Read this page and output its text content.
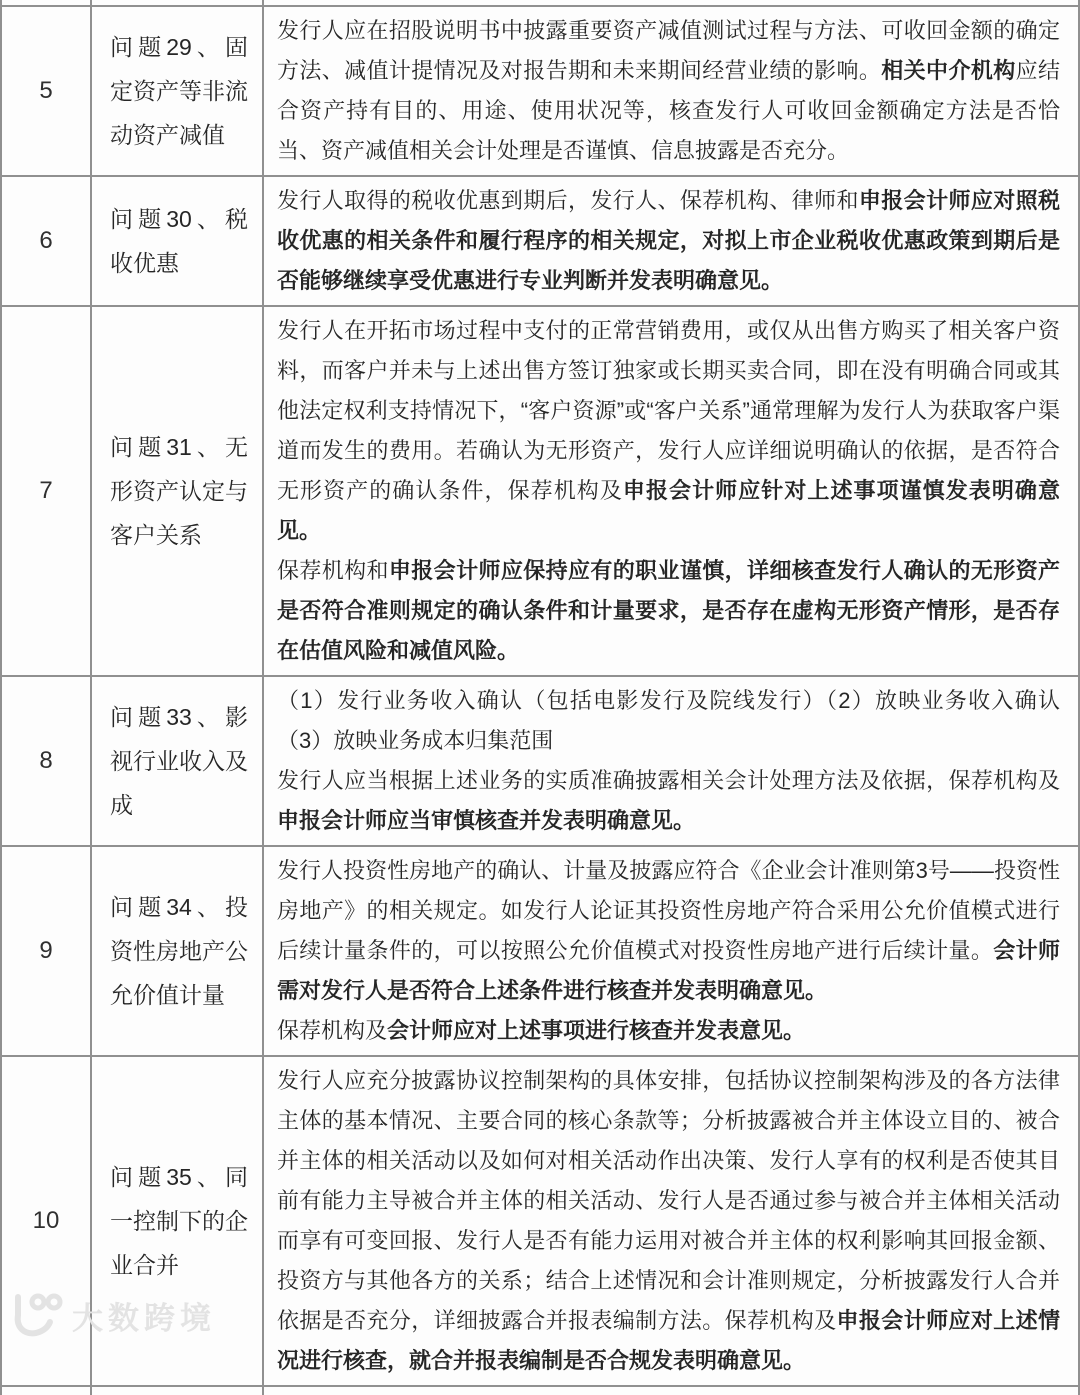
5
问题29、固定资产等非流动资产减值

发行人应在招股说明书中披露重要资产减值测试过程与方法、可收回金额的确定方法、减值计提情况及对报告期和未来期间经营业绩的影响。相关中介机构应结合资产持有目的、用途、使用状况等，核查发行人可收回金额确定方法是否恰当、资产减值相关会计处理是否谨慎、信息披露是否充分。

6
问题30、税收优惠

发行人取得的税收优惠到期后，发行人、保荐机构、律师和申报会计师应对照税收优惠的相关条件和履行程序的相关规定，对拟上市企业税收优惠政策到期后是否能够继续享受优惠进行专业判断并发表明确意见。

7
问题31、无形资产认定与客户关系

发行人在开拓市场过程中支付的正常营销费用，或仅从出售方购买了相关客户资料，而客户并未与上述出售方签订独家或长期买卖合同，即在没有明确合同或其他法定权利支持情况下，“客户资源”或“客户关系”通常理解为发行人为获取客户渠道而发生的费用。若确认为无形资产，发行人应详细说明确认的依据，是否符合无形资产的确认条件，保荐机构及申报会计师应针对上述事项谨慎发表明确意见。

保荐机构和申报会计师应保持应有的职业谨慎，详细核查发行人确认的无形资产是否符合准则规定的确认条件和计量要求，是否存在虚构无形资产情形，是否存在估值风险和减值风险。

8
问题33、影视行业收入及成

（1）发行业务收入确认（包括电影发行及院线发行）（2）放映业务收入确认（3）放映业务成本归集范围

发行人应当根据上述业务的实质准确披露相关会计处理方法及依据，保荐机构及申报会计师应当审慎核查并发表明确意见。

9
问题34、投资性房地产公允价值计量

发行人投资性房地产的确认、计量及披露应符合《企业会计准则第3号——投资性房地产》的相关规定。如发行人论证其投资性房地产符合采用公允价值模式进行后续计量条件的，可以按照公允价值模式对投资性房地产进行后续计量。会计师需对发行人是否符合上述条件进行核查并发表明确意见。

保荐机构及会计师应对上述事项进行核查并发表意见。

10
问题35、同一控制下的企业合并

发行人应充分披露协议控制架构的具体安排，包括协议控制架构涉及的各方法律主体的基本情况、主要合同的核心条款等；分析披露被合并主体设立目的、被合并主体的相关活动以及如何对相关活动作出决策、发行人享有的权利是否使其目前有能力主导被合并主体的相关活动、发行人是否通过参与被合并主体相关活动而享有可变回报、发行人是否有能力运用对被合并主体的权利影响其回报金额、投资方与其他各方的关系；结合上述情况和会计准则规定，分析披露发行人合并依据是否充分，详细披露合并报表编制方法。保荐机构及申报会计师应对上述情况进行核查，就合并报表编制是否合规发表明确意见。

大数跨境
